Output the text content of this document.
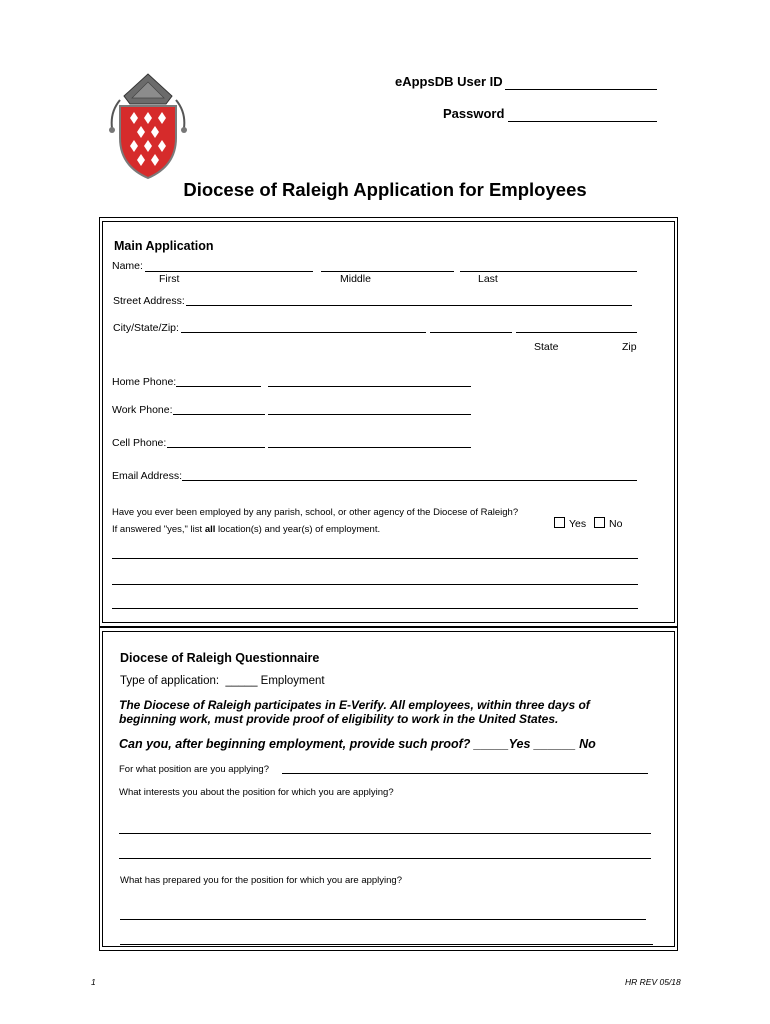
eAppsDB User ID
Password
Diocese of Raleigh Application for Employees
Main Application
Name:
First	Middle	Last
Street Address:
City/State/Zip:
State	Zip
Home Phone:
Work Phone:
Cell Phone:
Email Address:
Have you ever been employed by any parish, school, or other agency of the Diocese of Raleigh?
If answered "yes," list all location(s) and year(s) of employment.	Yes	No
Diocese of Raleigh Questionnaire
Type of application: _____ Employment
The Diocese of Raleigh participates in E-Verify. All employees, within three days of
beginning work, must provide proof of eligibility to work in the United States.
Can you, after beginning employment, provide such proof? _____Yes ______ No
For what position are you applying?
What interests you about the position for which you are applying?
What has prepared you for the position for which you are applying?
1	HR REV 05/18
